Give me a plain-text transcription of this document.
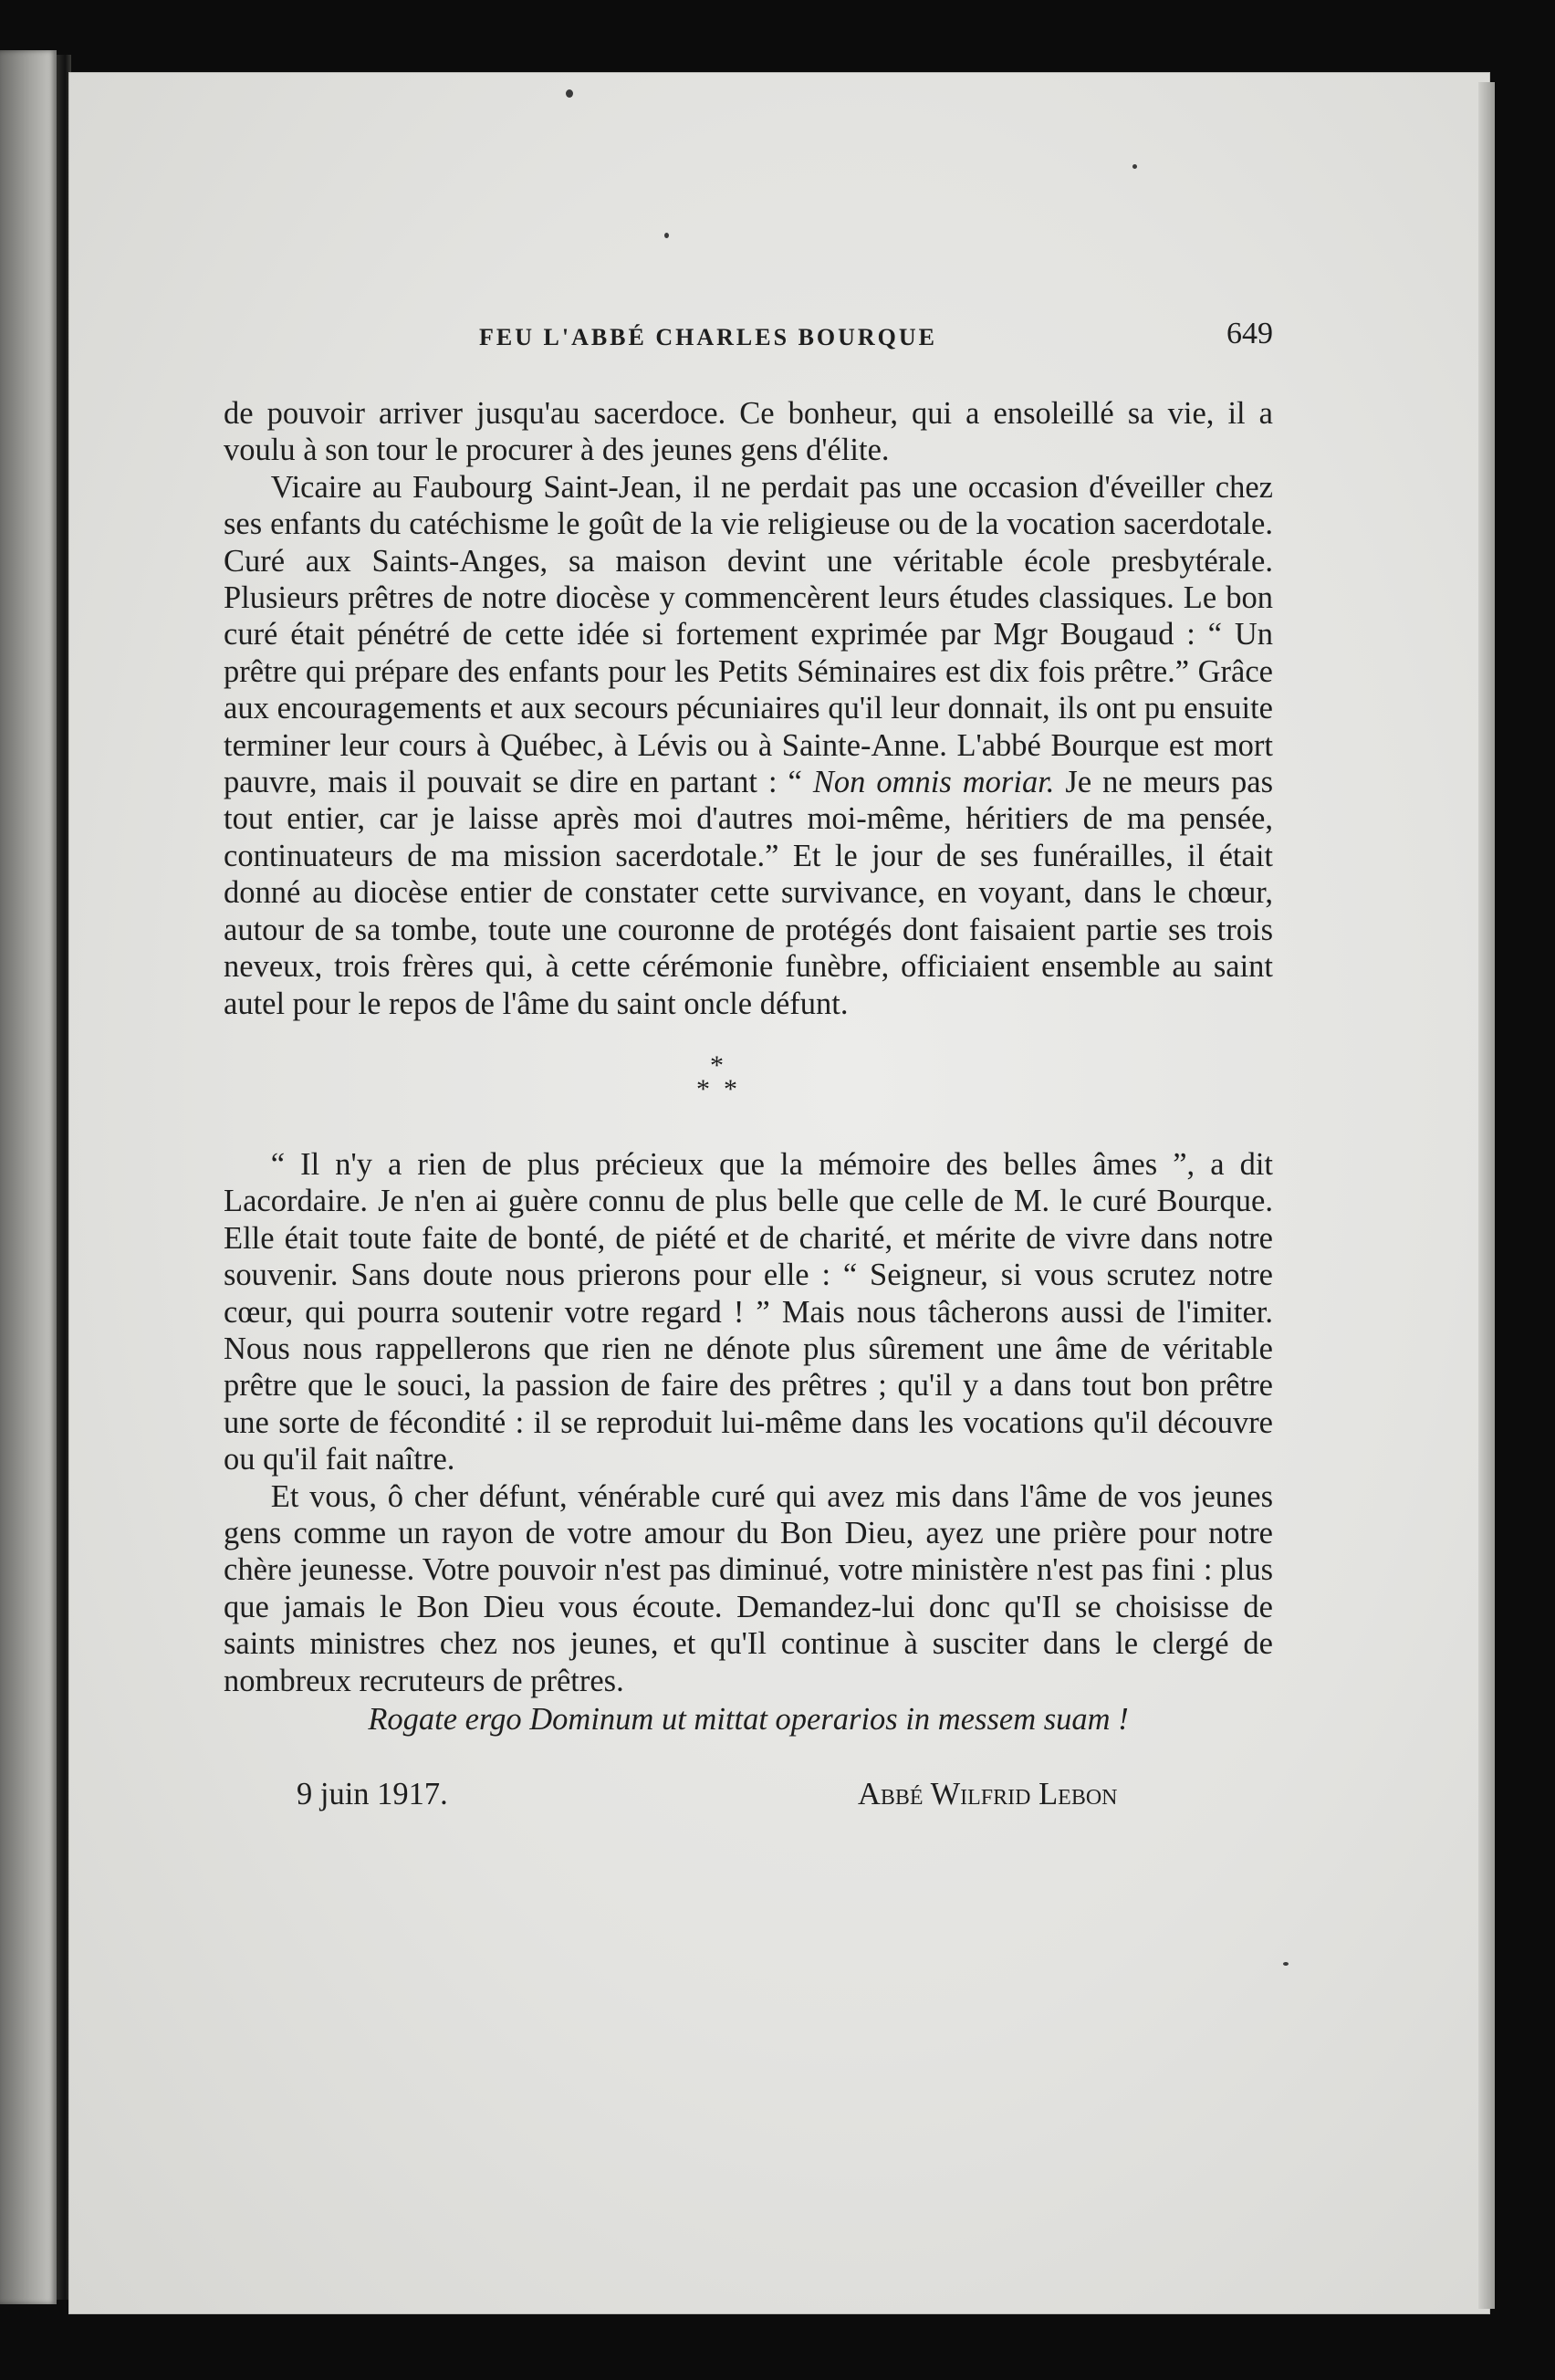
FEU L'ABBÉ CHARLES BOURQUE	649

de pouvoir arriver jusqu'au sacerdoce. Ce bonheur, qui a ensoleillé sa vie, il a voulu à son tour le procurer à des jeunes gens d'élite.

Vicaire au Faubourg Saint-Jean, il ne perdait pas une occasion d'éveiller chez ses enfants du catéchisme le goût de la vie religieuse ou de la vocation sacerdotale. Curé aux Saints-Anges, sa maison devint une véritable école presbytérale. Plusieurs prêtres de notre diocèse y commencèrent leurs études classiques. Le bon curé était pénétré de cette idée si fortement exprimée par Mgr Bougaud : “ Un prêtre qui prépare des enfants pour les Petits Séminaires est dix fois prêtre.” Grâce aux encouragements et aux secours pécuniaires qu'il leur donnait, ils ont pu ensuite terminer leur cours à Québec, à Lévis ou à Sainte-Anne. L'abbé Bourque est mort pauvre, mais il pouvait se dire en partant : “ Non omnis moriar. Je ne meurs pas tout entier, car je laisse après moi d'autres moi-même, héritiers de ma pensée, continuateurs de ma mission sacerdotale.” Et le jour de ses funérailles, il était donné au diocèse entier de constater cette survivance, en voyant, dans le chœur, autour de sa tombe, toute une couronne de protégés dont faisaient partie ses trois neveux, trois frères qui, à cette cérémonie funèbre, officiaient ensemble au saint autel pour le repos de l'âme du saint oncle défunt.

*
* *

“ Il n'y a rien de plus précieux que la mémoire des belles âmes ”, a dit Lacordaire. Je n'en ai guère connu de plus belle que celle de M. le curé Bourque. Elle était toute faite de bonté, de piété et de charité, et mérite de vivre dans notre souvenir. Sans doute nous prierons pour elle : “ Seigneur, si vous scrutez notre cœur, qui pourra soutenir votre regard ! ” Mais nous tâcherons aussi de l'imiter. Nous nous rappellerons que rien ne dénote plus sûrement une âme de véritable prêtre que le souci, la passion de faire des prêtres ; qu'il y a dans tout bon prêtre une sorte de fécondité : il se reproduit lui-même dans les vocations qu'il découvre ou qu'il fait naître.

Et vous, ô cher défunt, vénérable curé qui avez mis dans l'âme de vos jeunes gens comme un rayon de votre amour du Bon Dieu, ayez une prière pour notre chère jeunesse. Votre pouvoir n'est pas diminué, votre ministère n'est pas fini : plus que jamais le Bon Dieu vous écoute. Demandez-lui donc qu'Il se choisisse de saints ministres chez nos jeunes, et qu'Il continue à susciter dans le clergé de nombreux recruteurs de prêtres.

Rogate ergo Dominum ut mittat operarios in messem suam !

9 juin 1917.	Abbé Wilfrid Lebon
